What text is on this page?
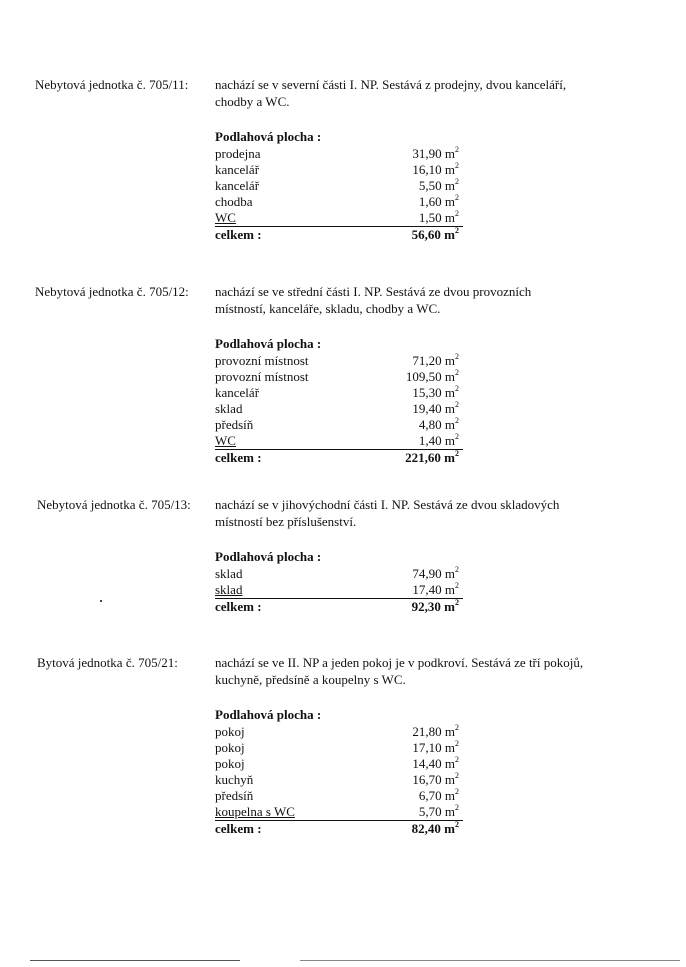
Nebytová jednotka č. 705/11: nachází se v severní části I. NP. Sestává z prodejny, dvou kanceláří, chodby a WC.
Podlahová plocha :
prodejna	31,90 $m^2$
kancelář	16,10 $m^2$
kancelář	5,50 $m^2$
chodba	1,60 $m^2$
WC	1,50 $m^2$
celkem :	56,60 $m^2$
Nebytová jednotka č. 705/12: nachází se ve střední části I. NP. Sestává ze dvou provozních místností, kanceláře, skladu, chodby a WC.
Podlahová plocha :
provozní místnost	71,20 $m^2$
provozní místnost	109,50 $m^2$
kancelář	15,30 $m^2$
sklad	19,40 $m^2$
předsíň	4,80 $m^2$
WC	1,40 $m^2$
celkem :	221,60 $m^2$
Nebytová jednotka č. 705/13: nachází se v jihovýchodní části I. NP. Sestává ze dvou skladových místností bez příslušenství.
Podlahová plocha :
sklad	74,90 $m^2$
sklad	17,40 $m^2$
celkem :	92,30 $m^2$
Bytová jednotka č. 705/21:	nachází se ve II. NP a jeden pokoj je v podkroví. Sestává ze tří pokojů, kuchyně, předsíně a koupelny s WC.
Podlahová plocha :
pokoj	21,80 $m^2$
pokoj	17,10 $m^2$
pokoj	14,40 $m^2$
kuchyň	16,70 $m^2$
předsíň	6,70 $m^2$
koupelna s WC	5,70 $m^2$
celkem :	82,40 $m^2$
